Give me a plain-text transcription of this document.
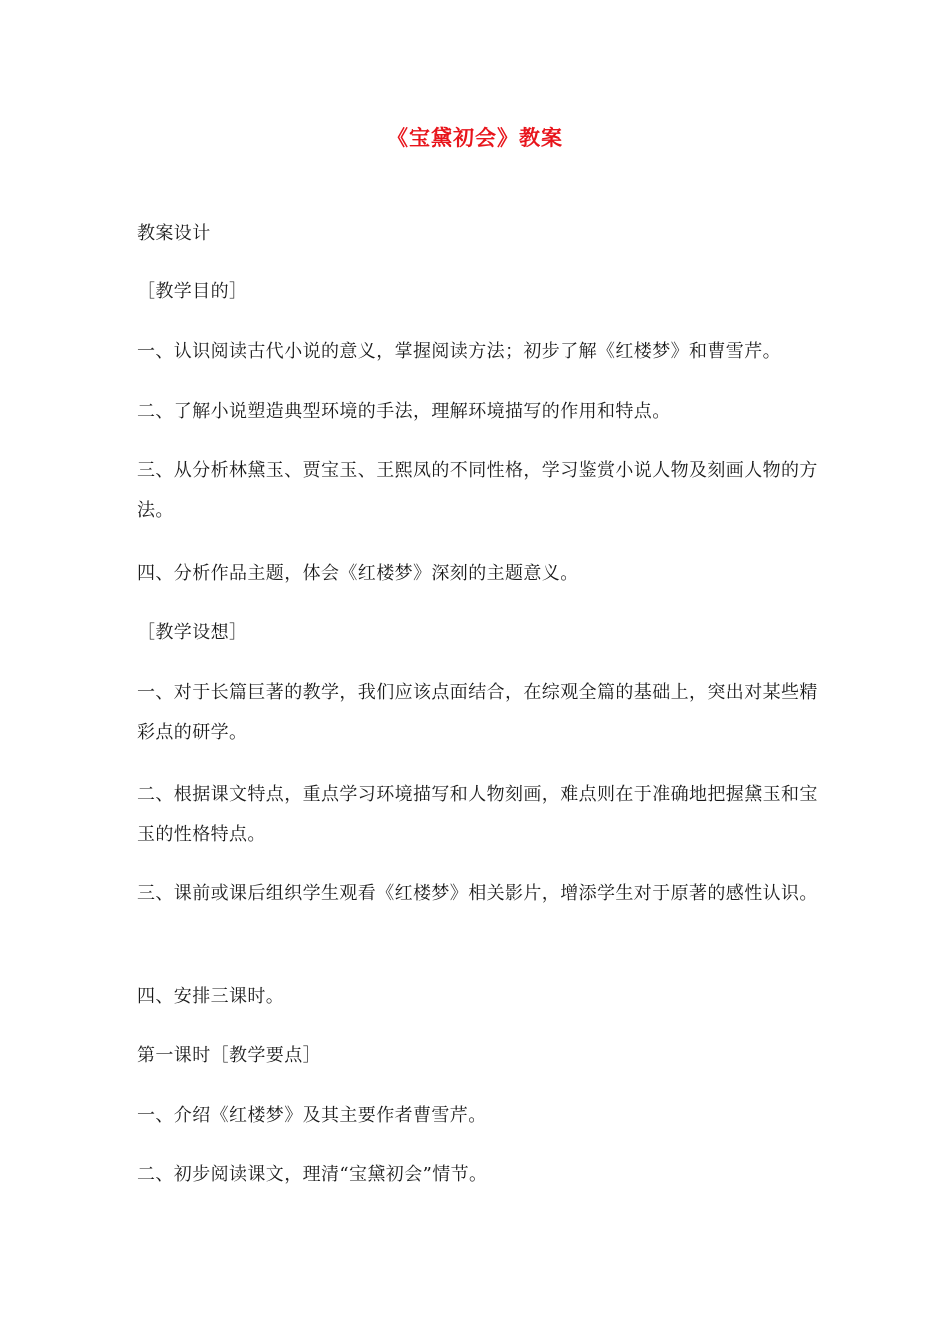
《宝黛初会》教案

教案设计

［教学目的］

一、认识阅读古代小说的意义，掌握阅读方法；初步了解《红楼梦》和曹雪芹。

二、了解小说塑造典型环境的手法，理解环境描写的作用和特点。

三、从分析林黛玉、贾宝玉、王熙凤的不同性格，学习鉴赏小说人物及刻画人物的方法。

四、分析作品主题，体会《红楼梦》深刻的主题意义。

［教学设想］

一、对于长篇巨著的教学，我们应该点面结合，在综观全篇的基础上，突出对某些精彩点的研学。

二、根据课文特点，重点学习环境描写和人物刻画，难点则在于准确地把握黛玉和宝玉的性格特点。

三、课前或课后组织学生观看《红楼梦》相关影片，增添学生对于原著的感性认识。

四、安排三课时。

第一课时［教学要点］

一、介绍《红楼梦》及其主要作者曹雪芹。

二、初步阅读课文，理清“宝黛初会”情节。
